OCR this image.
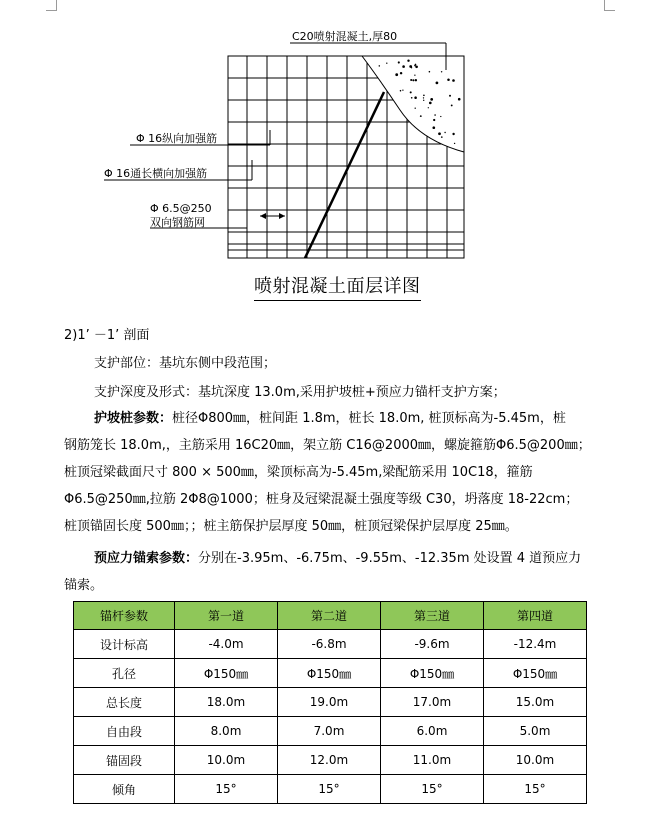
C20喷射混凝土,厚80
Φ 16纵向加强筋
Φ 16通长横向加强筋
Φ 6.5@250
双向钢筋网
喷射混凝土面层详图
2)1’ －1’ 剖面
支护部位：基坑东侧中段范围；
支护深度及形式：基坑深度 13.0m,采用护坡桩+预应力锚杆支护方案；
护坡桩参数：桩径Φ800㎜，桩间距 1.8m，桩长 18.0m, 桩顶标高为-5.45m，桩
钢筋笼长 18.0m,，主筋采用 16C20㎜，架立筋 C16@2000㎜，螺旋箍筋Φ6.5@200㎜；
桩顶冠梁截面尺寸 800 × 500㎜，梁顶标高为-5.45m,梁配筋采用 10C18，箍筋
Φ6.5@250㎜,拉筋 2Φ8@1000；桩身及冠梁混凝土强度等级 C30，坍落度 18-22cm；
桩顶锚固长度 500㎜；；桩主筋保护层厚度 50㎜，桩顶冠梁保护层厚度 25㎜。
预应力锚索参数：分别在-3.95m、-6.75m、-9.55m、-12.35m 处设置 4 道预应力
锚索。
锚杆参数	第一道	第二道	第三道	第四道
设计标高	-4.0m	-6.8m	-9.6m	-12.4m
孔径	Φ150㎜	Φ150㎜	Φ150㎜	Φ150㎜
总长度	18.0m	19.0m	17.0m	15.0m
自由段	8.0m	7.0m	6.0m	5.0m
锚固段	10.0m	12.0m	11.0m	10.0m
倾角	15°	15°	15°	15°
